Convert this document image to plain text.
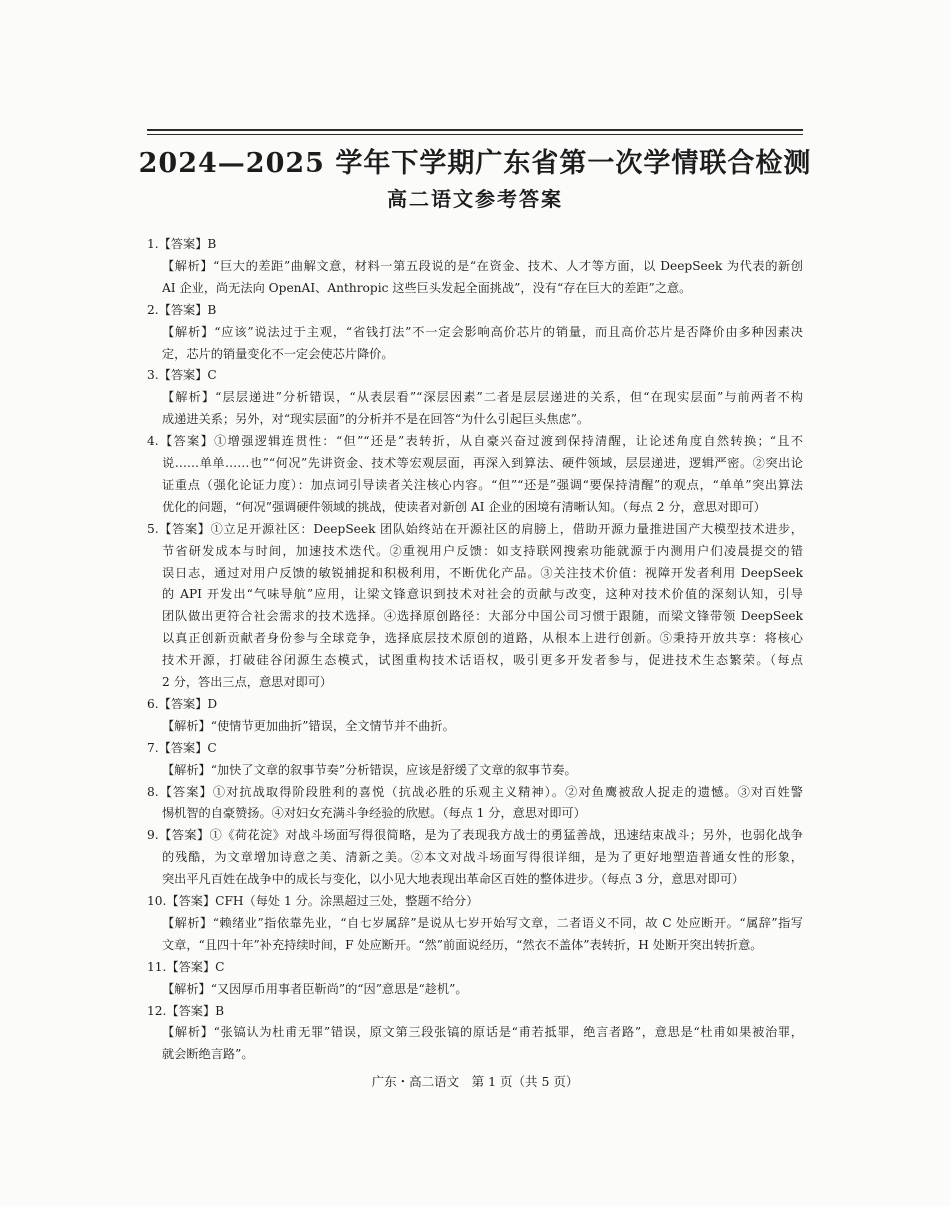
2024—2025 学年下学期广东省第一次学情联合检测
高二语文参考答案
1.【答案】B
【解析】“巨大的差距”曲解文意，材料一第五段说的是“在资金、技术、人才等方面，以 DeepSeek 为代表的新创
AI 企业，尚无法向 OpenAI、Anthropic 这些巨头发起全面挑战”，没有“存在巨大的差距”之意。
2.【答案】B
【解析】“应该”说法过于主观，“省钱打法”不一定会影响高价芯片的销量，而且高价芯片是否降价由多种因素决
定，芯片的销量变化不一定会使芯片降价。
3.【答案】C
【解析】“层层递进”分析错误，“从表层看”“深层因素”二者是层层递进的关系，但“在现实层面”与前两者不构
成递进关系；另外，对“现实层面”的分析并不是在回答“为什么引起巨头焦虑”。
4.【答案】①增强逻辑连贯性：“但”“还是”表转折，从自豪兴奋过渡到保持清醒，让论述角度自然转换；“且不
说……单单……也”“何况”先讲资金、技术等宏观层面，再深入到算法、硬件领域，层层递进，逻辑严密。②突出论
证重点（强化论证力度）：加点词引导读者关注核心内容。“但”“还是”强调“要保持清醒”的观点，“单单”突出算法
优化的问题，“何况”强调硬件领域的挑战，使读者对新创 AI 企业的困境有清晰认知。（每点 2 分，意思对即可）
5.【答案】①立足开源社区：DeepSeek 团队始终站在开源社区的肩膀上，借助开源力量推进国产大模型技术进步，
节省研发成本与时间，加速技术迭代。②重视用户反馈：如支持联网搜索功能就源于内测用户们凌晨提交的错
误日志，通过对用户反馈的敏锐捕捉和积极利用，不断优化产品。③关注技术价值：视障开发者利用 DeepSeek
的 API 开发出“气味导航”应用，让梁文锋意识到技术对社会的贡献与改变，这种对技术价值的深刻认知，引导
团队做出更符合社会需求的技术选择。④选择原创路径：大部分中国公司习惯于跟随，而梁文锋带领 DeepSeek
以真正创新贡献者身份参与全球竞争，选择底层技术原创的道路，从根本上进行创新。⑤秉持开放共享：将核心
技术开源，打破硅谷闭源生态模式，试图重构技术话语权，吸引更多开发者参与，促进技术生态繁荣。（每点
2 分，答出三点，意思对即可）
6.【答案】D
【解析】“使情节更加曲折”错误，全文情节并不曲折。
7.【答案】C
【解析】“加快了文章的叙事节奏”分析错误，应该是舒缓了文章的叙事节奏。
8.【答案】①对抗战取得阶段胜利的喜悦（抗战必胜的乐观主义精神）。②对鱼鹰被敌人捉走的遗憾。③对百姓警
惕机智的自豪赞扬。④对妇女充满斗争经验的欣慰。（每点 1 分，意思对即可）
9.【答案】①《荷花淀》对战斗场面写得很简略，是为了表现我方战士的勇猛善战，迅速结束战斗；另外，也弱化战争
的残酷，为文章增加诗意之美、清新之美。②本文对战斗场面写得很详细，是为了更好地塑造普通女性的形象，
突出平凡百姓在战争中的成长与变化，以小见大地表现出革命区百姓的整体进步。（每点 3 分，意思对即可）
10.【答案】CFH（每处 1 分。涂黑超过三处，整题不给分）
【解析】“赖绪业”指依靠先业，“自七岁属辞”是说从七岁开始写文章，二者语义不同，故 C 处应断开。“属辞”指写
文章，“且四十年”补充持续时间，F 处应断开。“然”前面说经历，“然衣不盖体”表转折，H 处断开突出转折意。
11.【答案】C
【解析】“又因厚币用事者臣靳尚”的“因”意思是“趁机”。
12.【答案】B
【解析】“张镐认为杜甫无罪”错误，原文第三段张镐的原话是“甫若抵罪，绝言者路”，意思是“杜甫如果被治罪，
就会断绝言路”。
广东・高二语文　第 1 页（共 5 页）
